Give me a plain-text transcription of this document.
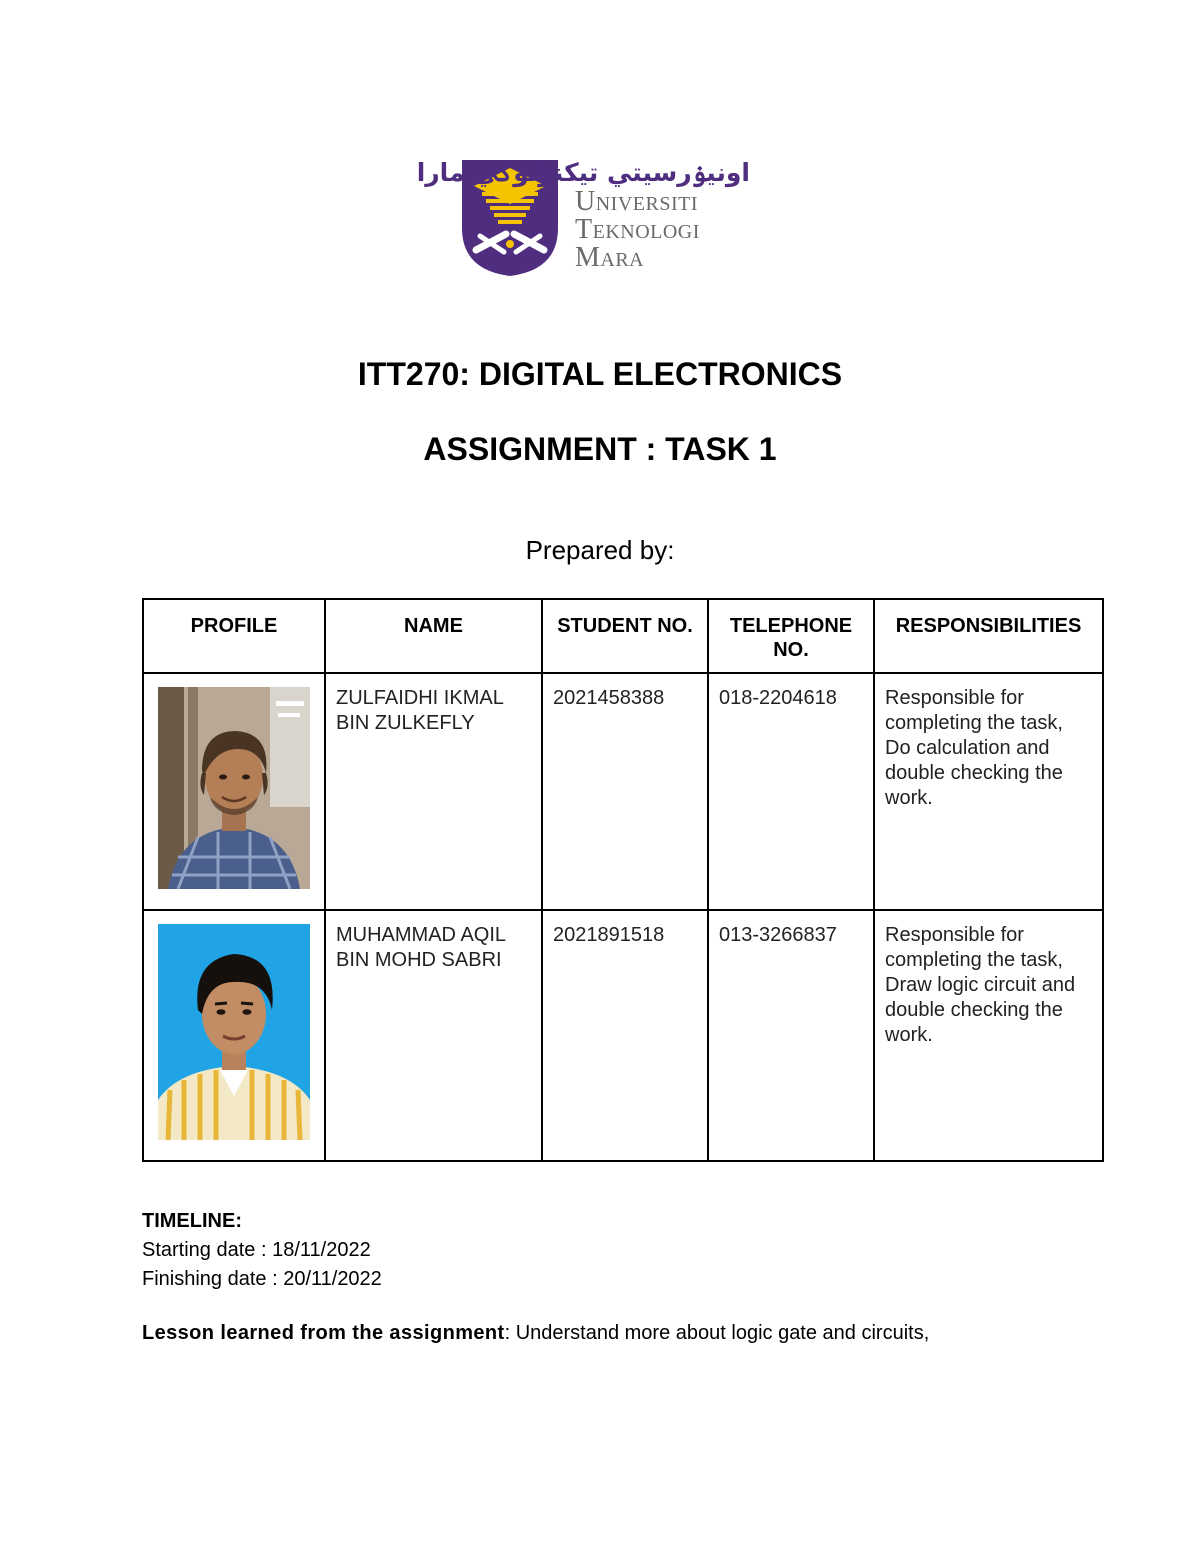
اونيۏرسيتي تيكنولوݢي مارا
Universiti
Teknologi
Mara
ITT270: DIGITAL ELECTRONICS
ASSIGNMENT : TASK 1

Prepared by:

PROFILE	NAME	STUDENT NO.	TELEPHONE NO.	RESPONSIBILITIES
	ZULFAIDHI IKMAL BIN ZULKEFLY	2021458388	018-2204618	Responsible for completing the task, Do calculation and double checking the work.
	MUHAMMAD AQIL BIN MOHD SABRI	2021891518	013-3266837	Responsible for completing the task, Draw logic circuit and double checking the work.
TIMELINE:
Starting date : 18/11/2022
Finishing date : 20/11/2022
Lesson learned from the assignment: Understand more about logic gate and circuits,
